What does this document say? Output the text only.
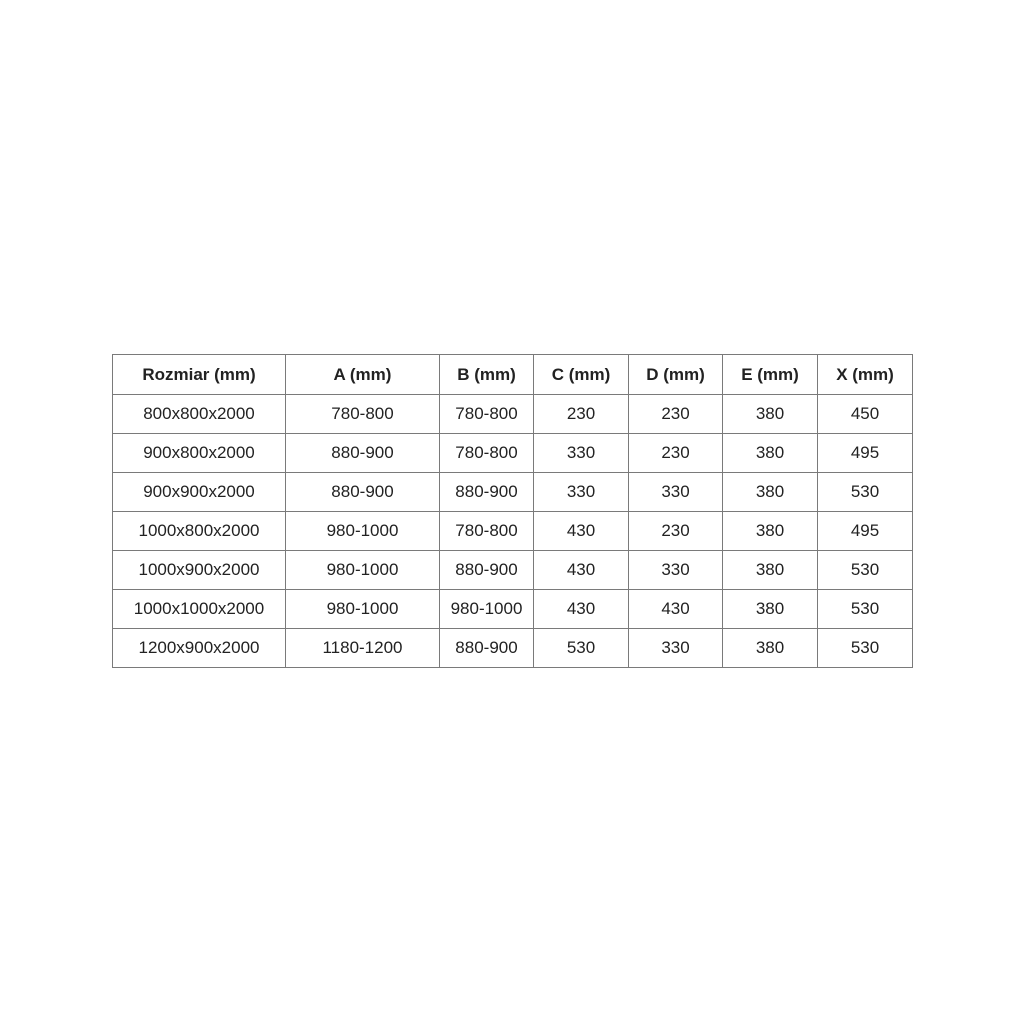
Rozmiar (mm)	A (mm)	B (mm)	C (mm)	D (mm)	E (mm)	X (mm)
800x800x2000	780-800	780-800	230	230	380	450
900x800x2000	880-900	780-800	330	230	380	495
900x900x2000	880-900	880-900	330	330	380	530
1000x800x2000	980-1000	780-800	430	230	380	495
1000x900x2000	980-1000	880-900	430	330	380	530
1000x1000x2000	980-1000	980-1000	430	430	380	530
1200x900x2000	1180-1200	880-900	530	330	380	530
